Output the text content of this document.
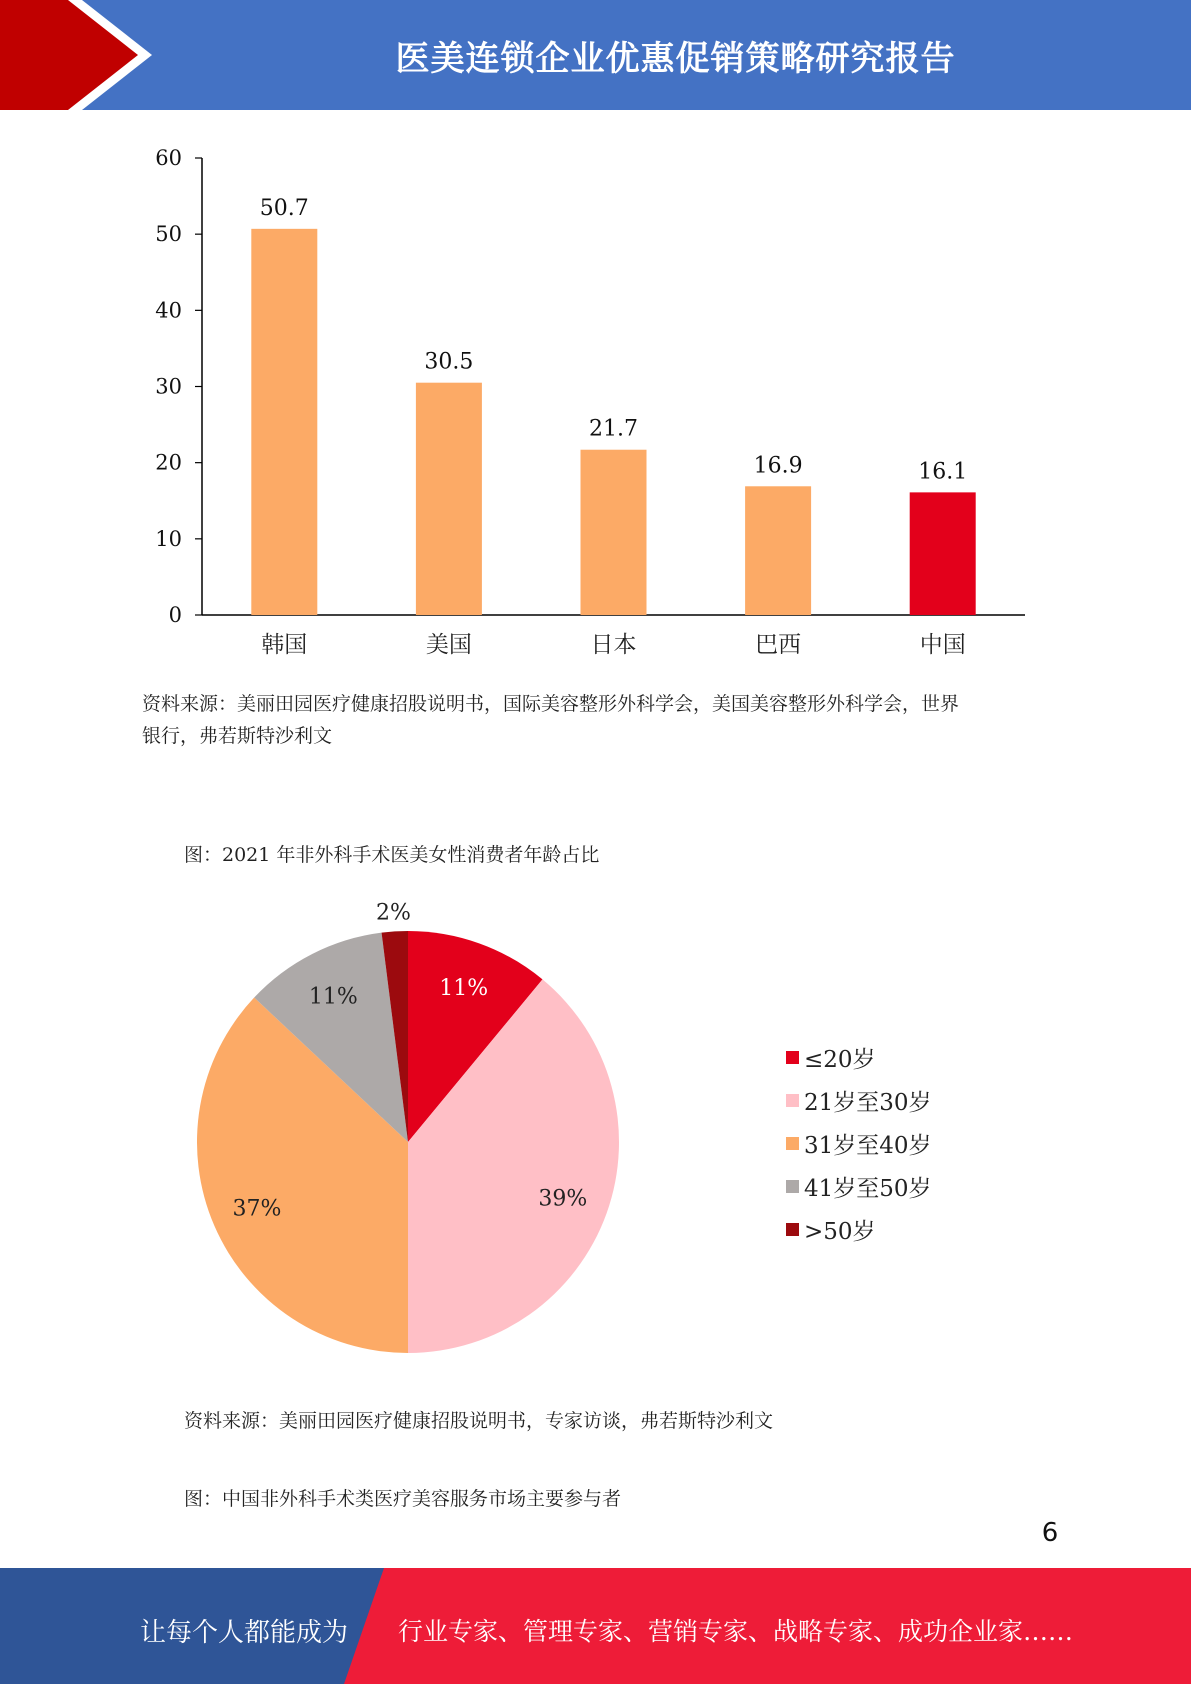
医美连锁企业优惠促销策略研究报告
0
10
20
30
40
50
60
50.7
韩国
30.5
美国
21.7
日本
16.9
巴西
16.1
中国
资料来源：美丽田园医疗健康招股说明书，国际美容整形外科学会，美国美容整形外科学会，世界
银行，弗若斯特沙利文
图：2021 年非外科手术医美女性消费者年龄占比
11%
39%
37%
11%
2%
≤20岁
21岁至30岁
31岁至40岁
41岁至50岁
>50岁
资料来源：美丽田园医疗健康招股说明书，专家访谈，弗若斯特沙利文
图：中国非外科手术类医疗美容服务市场主要参与者
6
让每个人都能成为 行业专家、管理专家、营销专家、战略专家、成功企业家……
